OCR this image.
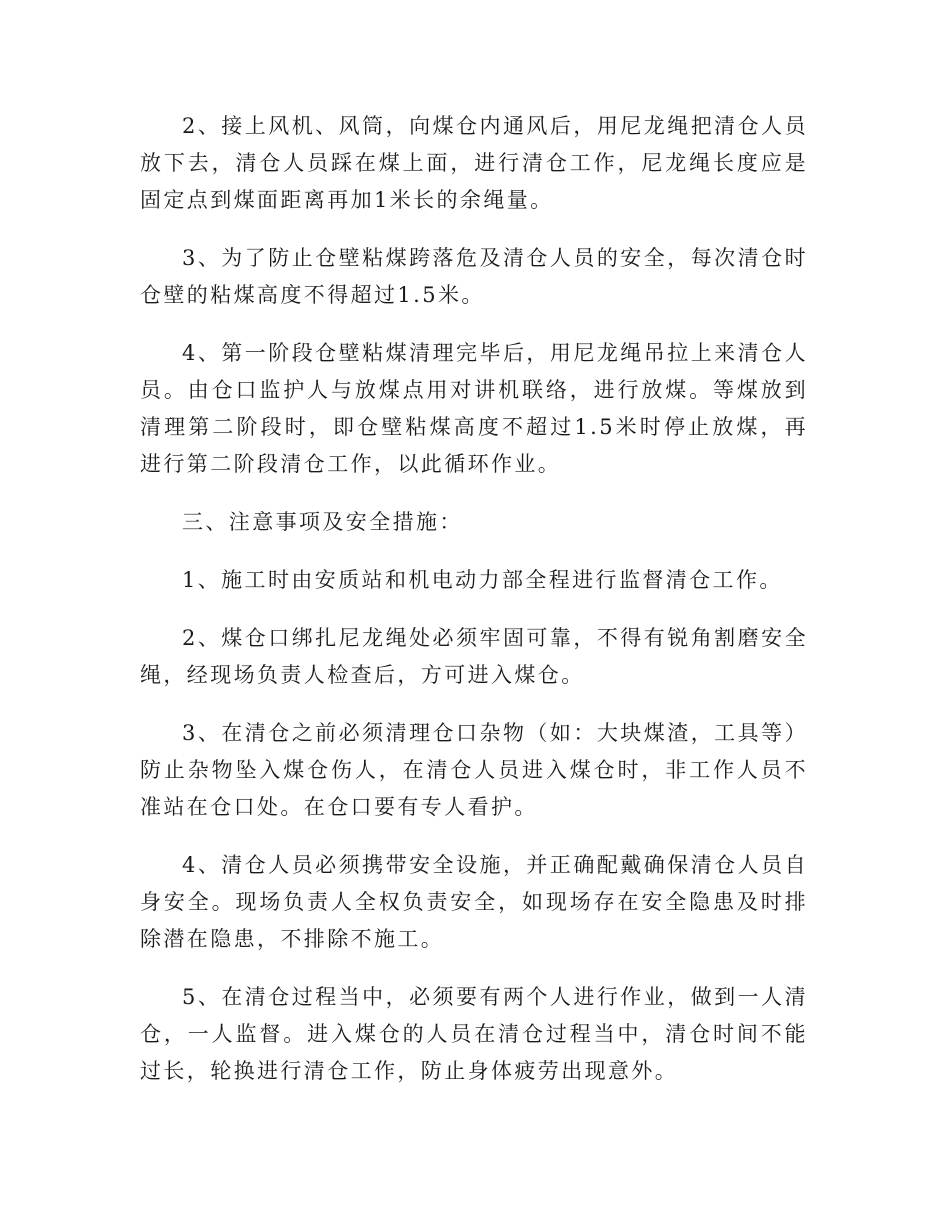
2、接上风机、风筒，向煤仓内通风后，用尼龙绳把清仓人员放下去，清仓人员踩在煤上面，进行清仓工作，尼龙绳长度应是固定点到煤面距离再加1米长的余绳量。

3、为了防止仓壁粘煤跨落危及清仓人员的安全，每次清仓时仓壁的粘煤高度不得超过1.5米。

4、第一阶段仓壁粘煤清理完毕后，用尼龙绳吊拉上来清仓人员。由仓口监护人与放煤点用对讲机联络，进行放煤。等煤放到清理第二阶段时，即仓壁粘煤高度不超过1.5米时停止放煤，再进行第二阶段清仓工作，以此循环作业。

三、注意事项及安全措施：

1、施工时由安质站和机电动力部全程进行监督清仓工作。

2、煤仓口绑扎尼龙绳处必须牢固可靠，不得有锐角割磨安全绳，经现场负责人检查后，方可进入煤仓。

3、在清仓之前必须清理仓口杂物（如：大块煤渣，工具等）防止杂物坠入煤仓伤人，在清仓人员进入煤仓时，非工作人员不准站在仓口处。在仓口要有专人看护。

4、清仓人员必须携带安全设施，并正确配戴确保清仓人员自身安全。现场负责人全权负责安全，如现场存在安全隐患及时排除潜在隐患，不排除不施工。

5、在清仓过程当中，必须要有两个人进行作业，做到一人清仓，一人监督。进入煤仓的人员在清仓过程当中，清仓时间不能过长，轮换进行清仓工作，防止身体疲劳出现意外。
